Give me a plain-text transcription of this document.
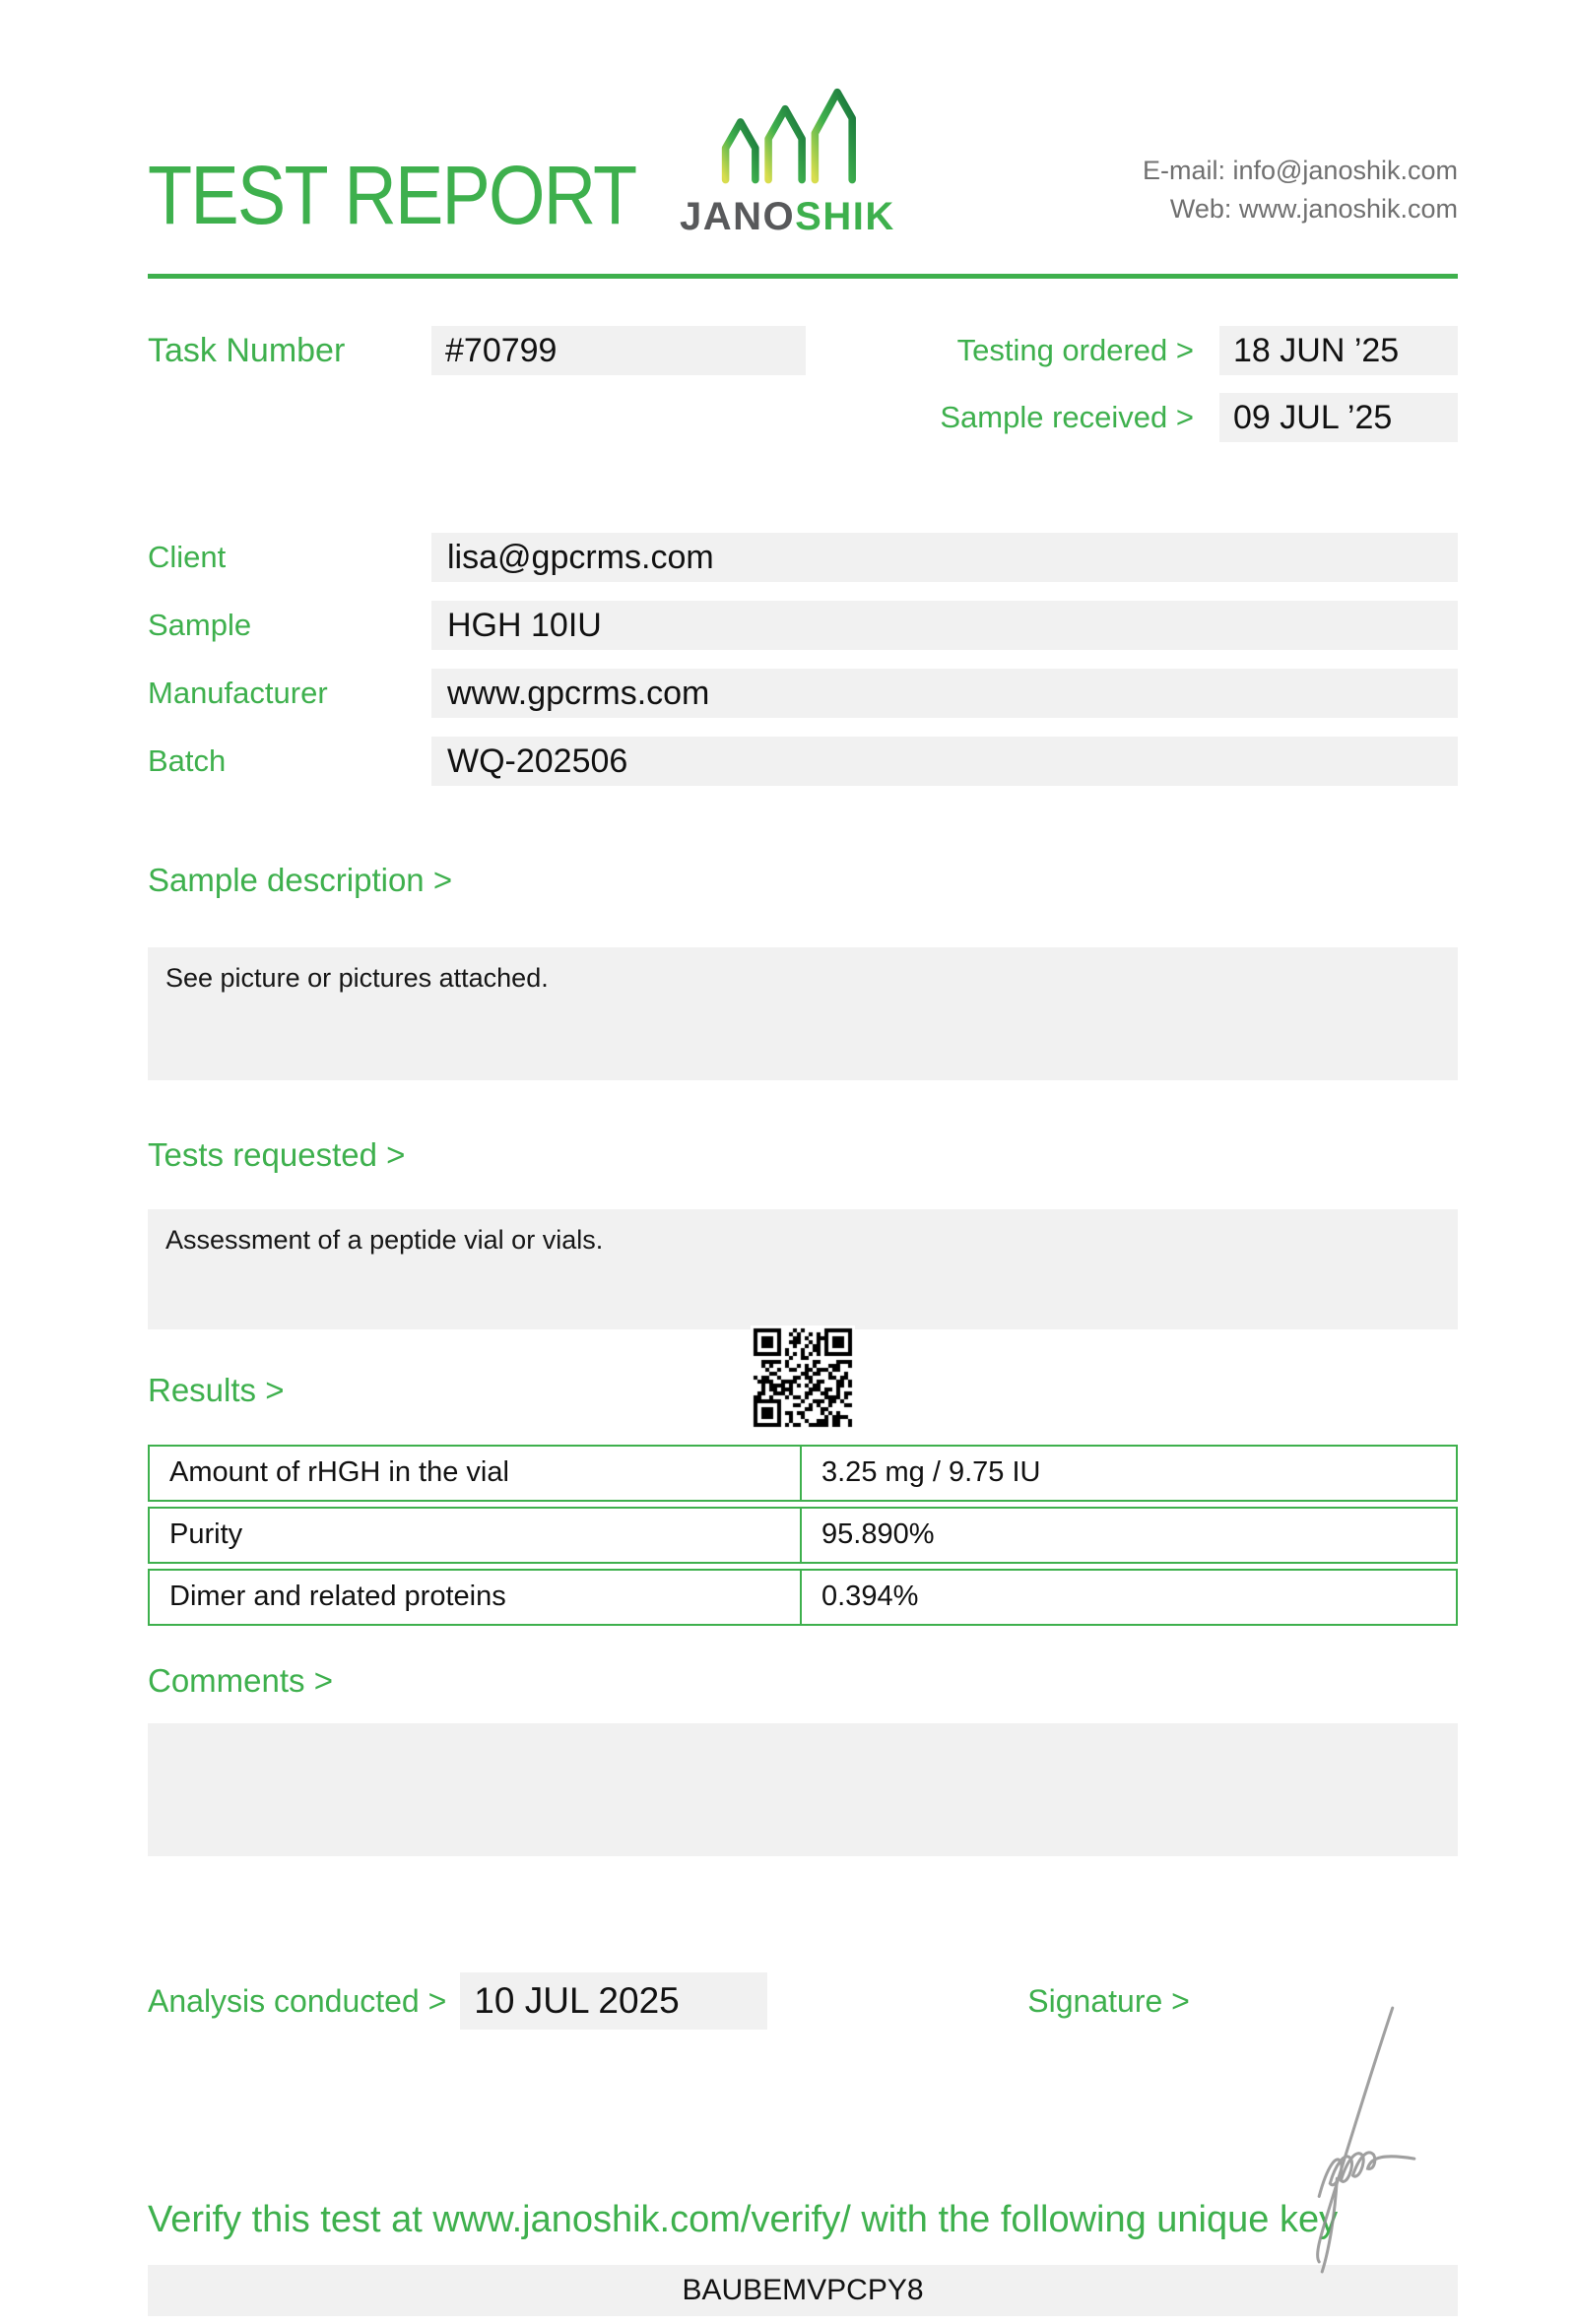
TEST REPORT JANOSHIK
E-mail: info@janoshik.com
Web: www.janoshik.com
Task Number	#70799	Testing ordered >	18 JUN ’25
Sample received >	09 JUL ’25
Client	lisa@gpcrms.com
Sample	HGH 10IU
Manufacturer	www.gpcrms.com
Batch	WQ-202506
Sample description >
See picture or pictures attached.
Tests requested >
Assessment of a peptide vial or vials.
Results >
Amount of rHGH in the vial	3.25 mg / 9.75 IU
Purity	95.890%
Dimer and related proteins	0.394%
Comments >
Analysis conducted > 10 JUL 2025	Signature >
Verify this test at www.janoshik.com/verify/ with the following unique key
BAUBEMVPCPY8
